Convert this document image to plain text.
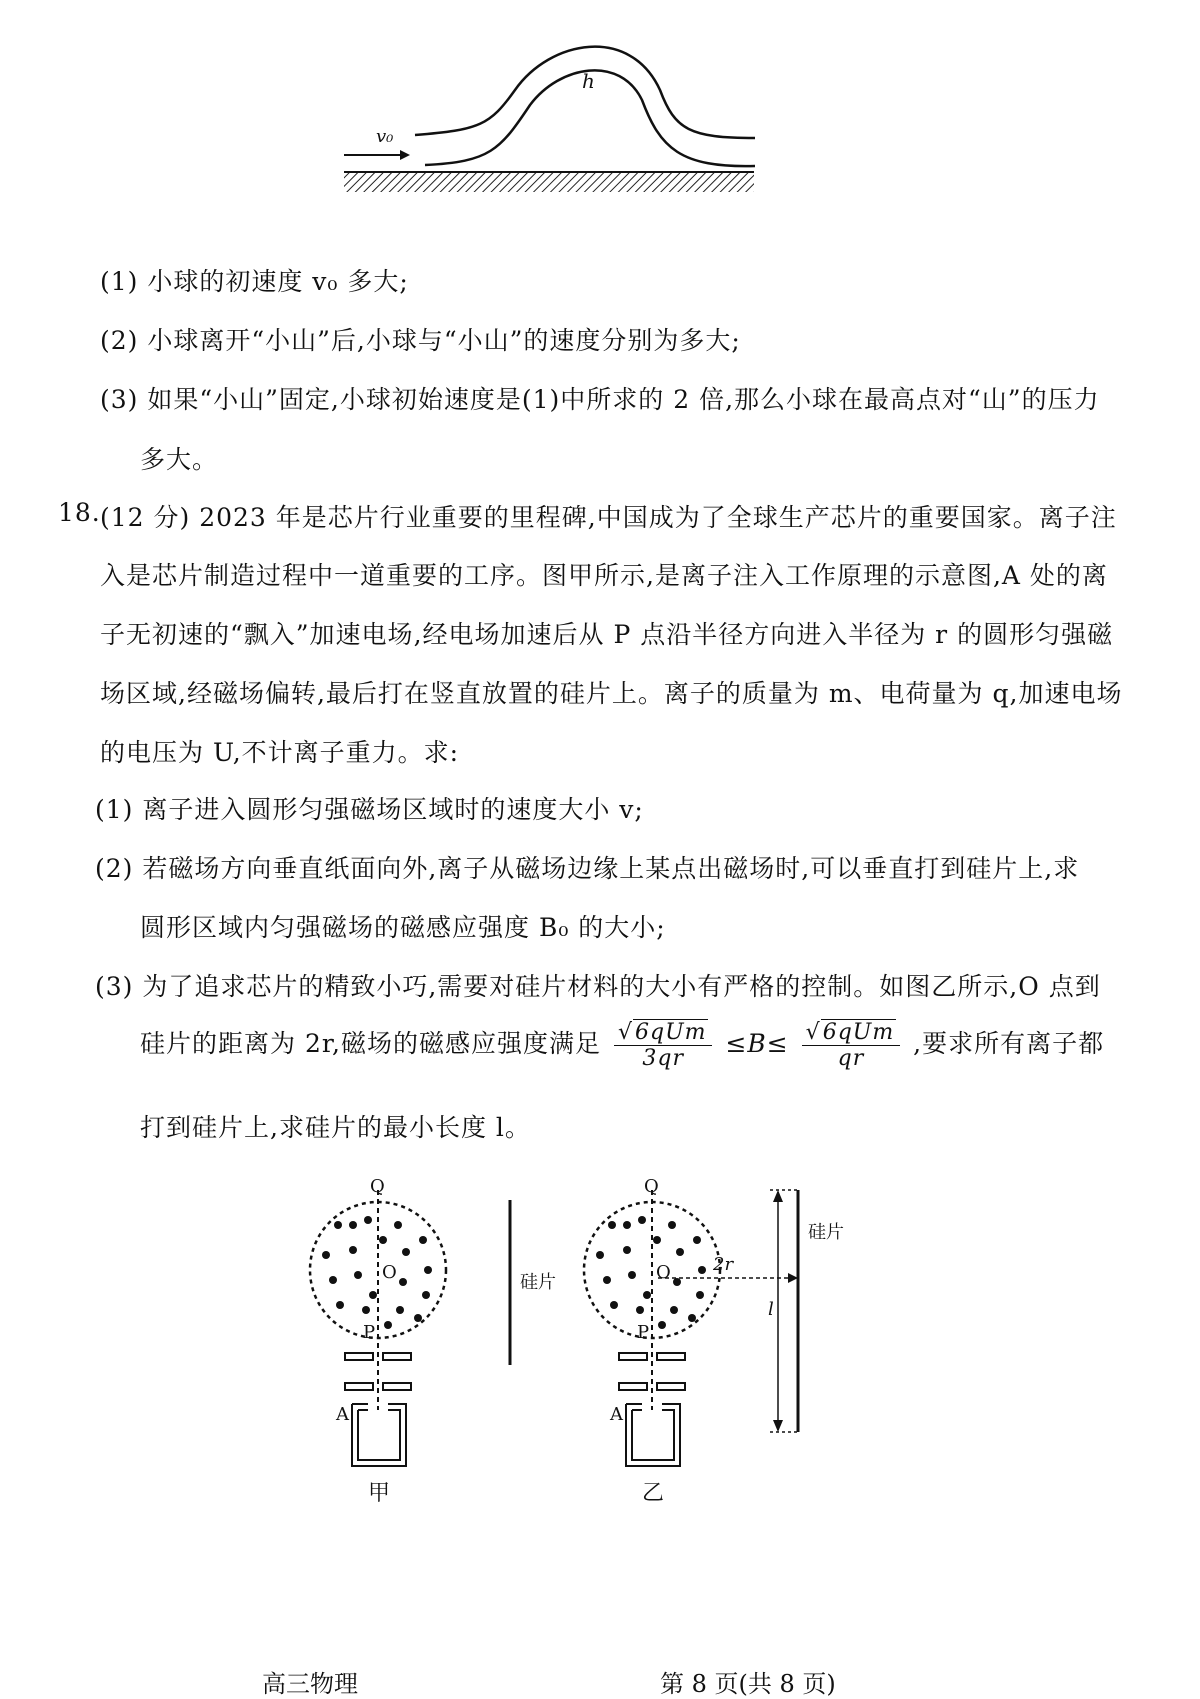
v₀
h
(1) 小球的初速度 v₀ 多大;
(2) 小球离开“小山”后,小球与“小山”的速度分别为多大;
(3) 如果“小山”固定,小球初始速度是(1)中所求的 2 倍,那么小球在最高点对“山”的压力
多大。
18. (12 分) 2023 年是芯片行业重要的里程碑,中国成为了全球生产芯片的重要国家。离子注
入是芯片制造过程中一道重要的工序。图甲所示,是离子注入工作原理的示意图,A 处的离
子无初速的“飘入”加速电场,经电场加速后从 P 点沿半径方向进入半径为 r 的圆形匀强磁
场区域,经磁场偏转,最后打在竖直放置的硅片上。离子的质量为 m、电荷量为 q,加速电场
的电压为 U,不计离子重力。求:
(1) 离子进入圆形匀强磁场区域时的速度大小 v;
(2) 若磁场方向垂直纸面向外,离子从磁场边缘上某点出磁场时,可以垂直打到硅片上,求
圆形区域内匀强磁场的磁感应强度 B₀ 的大小;
(3) 为了追求芯片的精致小巧,需要对硅片材料的大小有严格的控制。如图乙所示,O 点到
硅片的距离为 2r,磁场的磁感应强度满足 $\frac{\text{√6qUm}}{3qr} \le B\le \frac{\text{√6qUm}}{qr}$ ,要求所有离子都
打到硅片上,求硅片的最小长度 l。
Q
O
P
A
甲
硅片
Q
O
P
2r
A
乙
l
硅片
高三物理	第 8 页(共 8 页)
